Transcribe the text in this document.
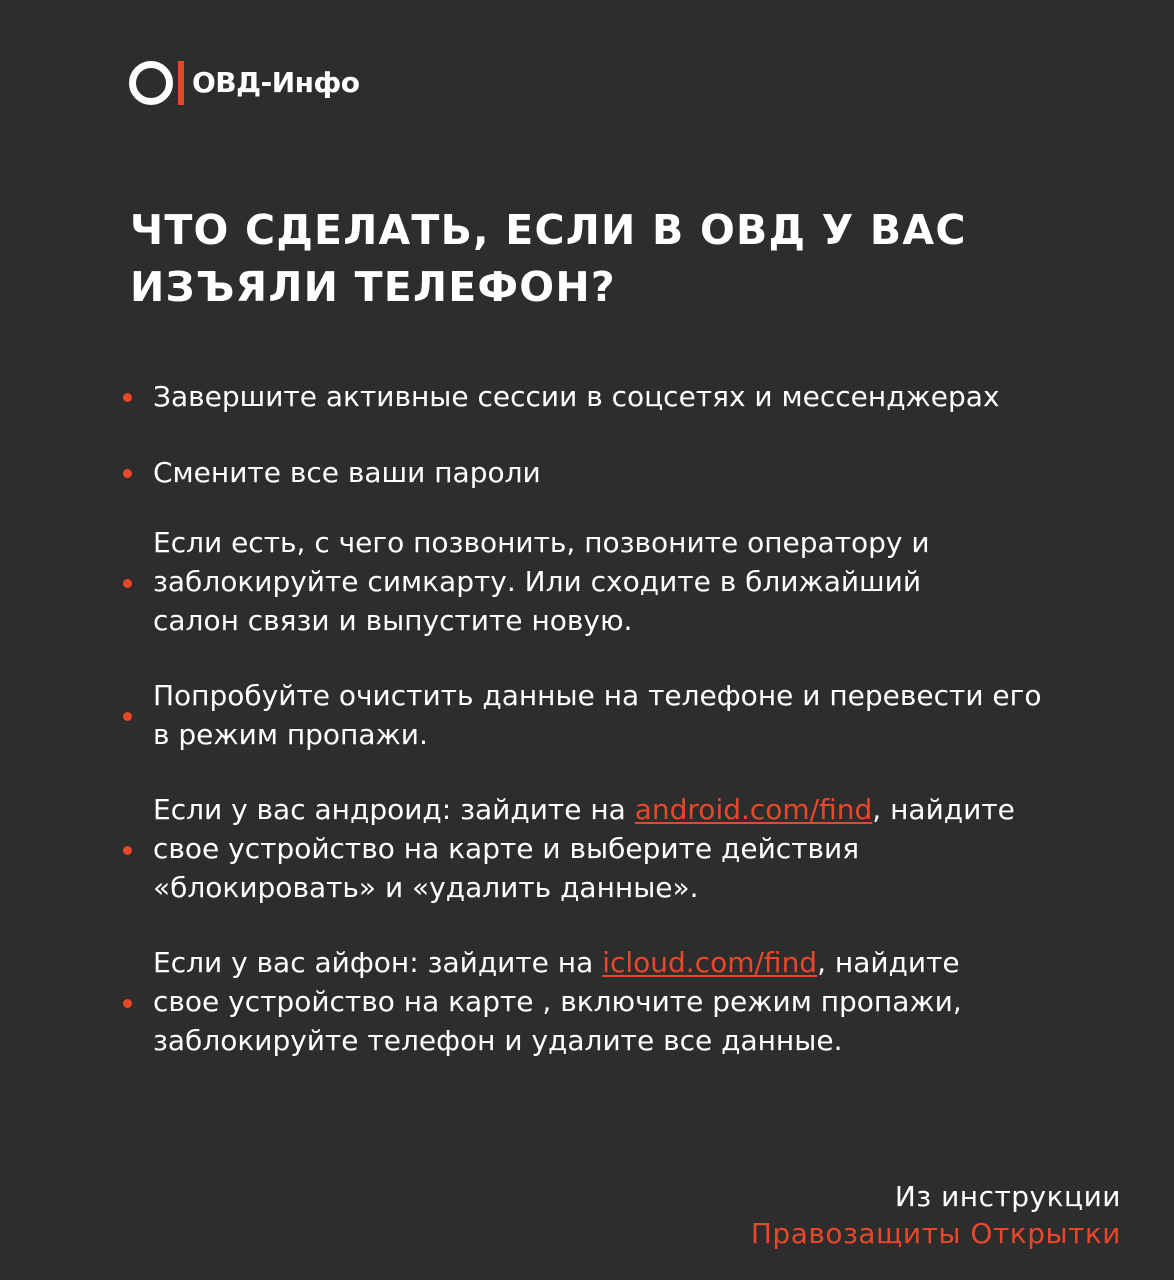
ОВД-Инфо
ЧТО СДЕЛАТЬ, ЕСЛИ В ОВД У ВАС ИЗЪЯЛИ ТЕЛЕФОН?
Завершите активные сессии в соцсетях и мессенджерах
Смените все ваши пароли
Если есть, с чего позвонить, позвоните оператору и заблокируйте симкарту. Или сходите в ближайший салон связи и выпустите новую.
Попробуйте очистить данные на телефоне и перевести его в режим пропажи.
Если у вас андроид: зайдите на android.com/find, найдите свое устройство на карте и выберите действия «блокировать» и «удалить данные».
Если у вас айфон: зайдите на icloud.com/find, найдите свое устройство на карте , включите режим пропажи, заблокируйте телефон и удалите все данные.
Из инструкции
Правозащиты Открытки
